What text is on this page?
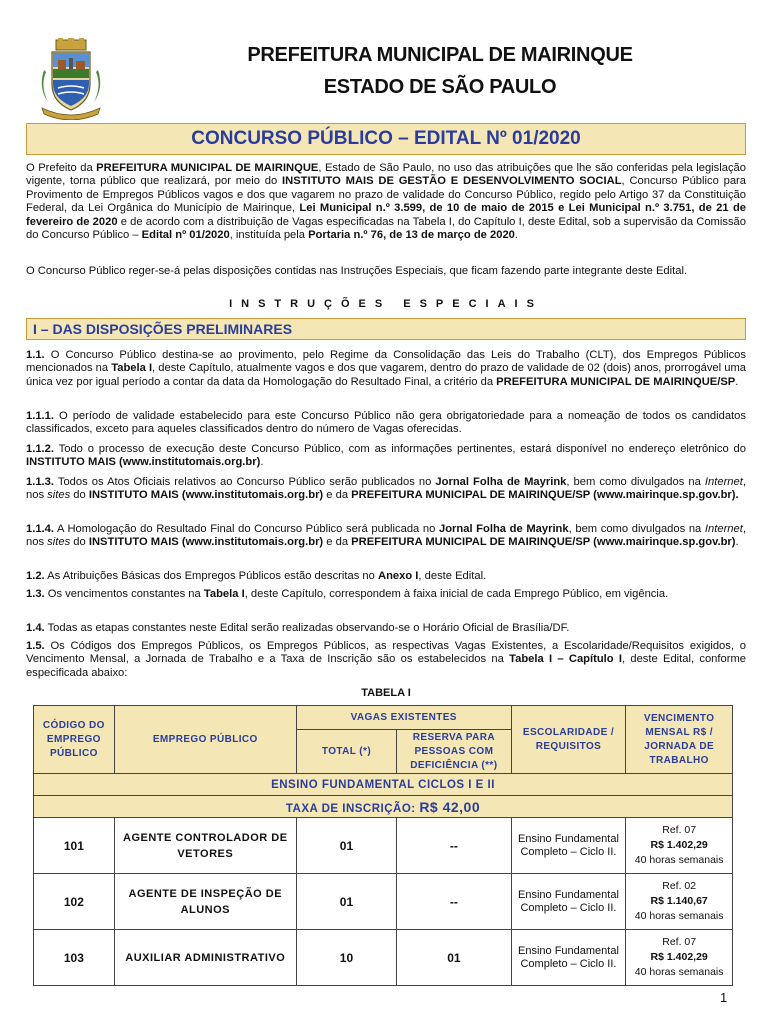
PREFEITURA MUNICIPAL DE MAIRINQUE
ESTADO DE SÃO PAULO
CONCURSO PÚBLICO – EDITAL Nº 01/2020
O Prefeito da PREFEITURA MUNICIPAL DE MAIRINQUE, Estado de São Paulo, no uso das atribuições que lhe são conferidas pela legislação vigente, torna público que realizará, por meio do INSTITUTO MAIS DE GESTÃO E DESENVOLVIMENTO SOCIAL, Concurso Público para Provimento de Empregos Públicos vagos e dos que vagarem no prazo de validade do Concurso Público, regido pelo Artigo 37 da Constituição Federal, da Lei Orgânica do Município de Mairinque, Lei Municipal n.º 3.599, de 10 de maio de 2015 e Lei Municipal n.º 3.751, de 21 de fevereiro de 2020 e de acordo com a distribuição de Vagas especificadas na Tabela I, do Capítulo I, deste Edital, sob a supervisão da Comissão do Concurso Público – Edital nº 01/2020, instituída pela Portaria n.º 76, de 13 de março de 2020.
O Concurso Público reger-se-á pelas disposições contidas nas Instruções Especiais, que ficam fazendo parte integrante deste Edital.
INSTRUÇÕES ESPECIAIS
I – DAS DISPOSIÇÕES PRELIMINARES
1.1. O Concurso Público destina-se ao provimento, pelo Regime da Consolidação das Leis do Trabalho (CLT), dos Empregos Públicos mencionados na Tabela I, deste Capítulo, atualmente vagos e dos que vagarem, dentro do prazo de validade de 02 (dois) anos, prorrogável uma única vez por igual período a contar da data da Homologação do Resultado Final, a critério da PREFEITURA MUNICIPAL DE MAIRINQUE/SP.
1.1.1. O período de validade estabelecido para este Concurso Público não gera obrigatoriedade para a nomeação de todos os candidatos classificados, exceto para aqueles classificados dentro do número de Vagas oferecidas.
1.1.2. Todo o processo de execução deste Concurso Público, com as informações pertinentes, estará disponível no endereço eletrônico do INSTITUTO MAIS (www.institutomais.org.br).
1.1.3. Todos os Atos Oficiais relativos ao Concurso Público serão publicados no Jornal Folha de Mayrink, bem como divulgados na Internet, nos sites do INSTITUTO MAIS (www.institutomais.org.br) e da PREFEITURA MUNICIPAL DE MAIRINQUE/SP (www.mairinque.sp.gov.br).
1.1.4. A Homologação do Resultado Final do Concurso Público será publicada no Jornal Folha de Mayrink, bem como divulgados na Internet, nos sites do INSTITUTO MAIS (www.institutomais.org.br) e da PREFEITURA MUNICIPAL DE MAIRINQUE/SP (www.mairinque.sp.gov.br).
1.2. As Atribuições Básicas dos Empregos Públicos estão descritas no Anexo I, deste Edital.
1.3. Os vencimentos constantes na Tabela I, deste Capítulo, correspondem à faixa inicial de cada Emprego Público, em vigência.
1.4. Todas as etapas constantes neste Edital serão realizadas observando-se o Horário Oficial de Brasília/DF.
1.5. Os Códigos dos Empregos Públicos, os Empregos Públicos, as respectivas Vagas Existentes, a Escolaridade/Requisitos exigidos, o Vencimento Mensal, a Jornada de Trabalho e a Taxa de Inscrição são os estabelecidos na Tabela I – Capítulo I, deste Edital, conforme especificada abaixo:
TABELA I
CÓDIGO DO EMPREGO PÚBLICO	EMPREGO PÚBLICO	VAGAS EXISTENTES		ESCOLARIDADE / REQUISITOS	VENCIMENTO MENSAL R$ / JORNADA DE TRABALHO
		TOTAL (*)	RESERVA PARA PESSOAS COM DEFICIÊNCIA (**)		
ENSINO FUNDAMENTAL CICLOS I E II					
TAXA DE INSCRIÇÃO: R$ 42,00					
101	AGENTE CONTROLADOR DE VETORES	01	--	Ensino Fundamental Completo – Ciclo II.	Ref. 07
R$ 1.402,29
40 horas semanais

102	AGENTE DE INSPEÇÃO DE ALUNOS	01	--	Ensino Fundamental Completo – Ciclo II.	Ref. 02
R$ 1.140,67
40 horas semanais

103	AUXILIAR ADMINISTRATIVO	10	01	Ensino Fundamental Completo – Ciclo II.	Ref. 07
R$ 1.402,29
40 horas semanais
1
